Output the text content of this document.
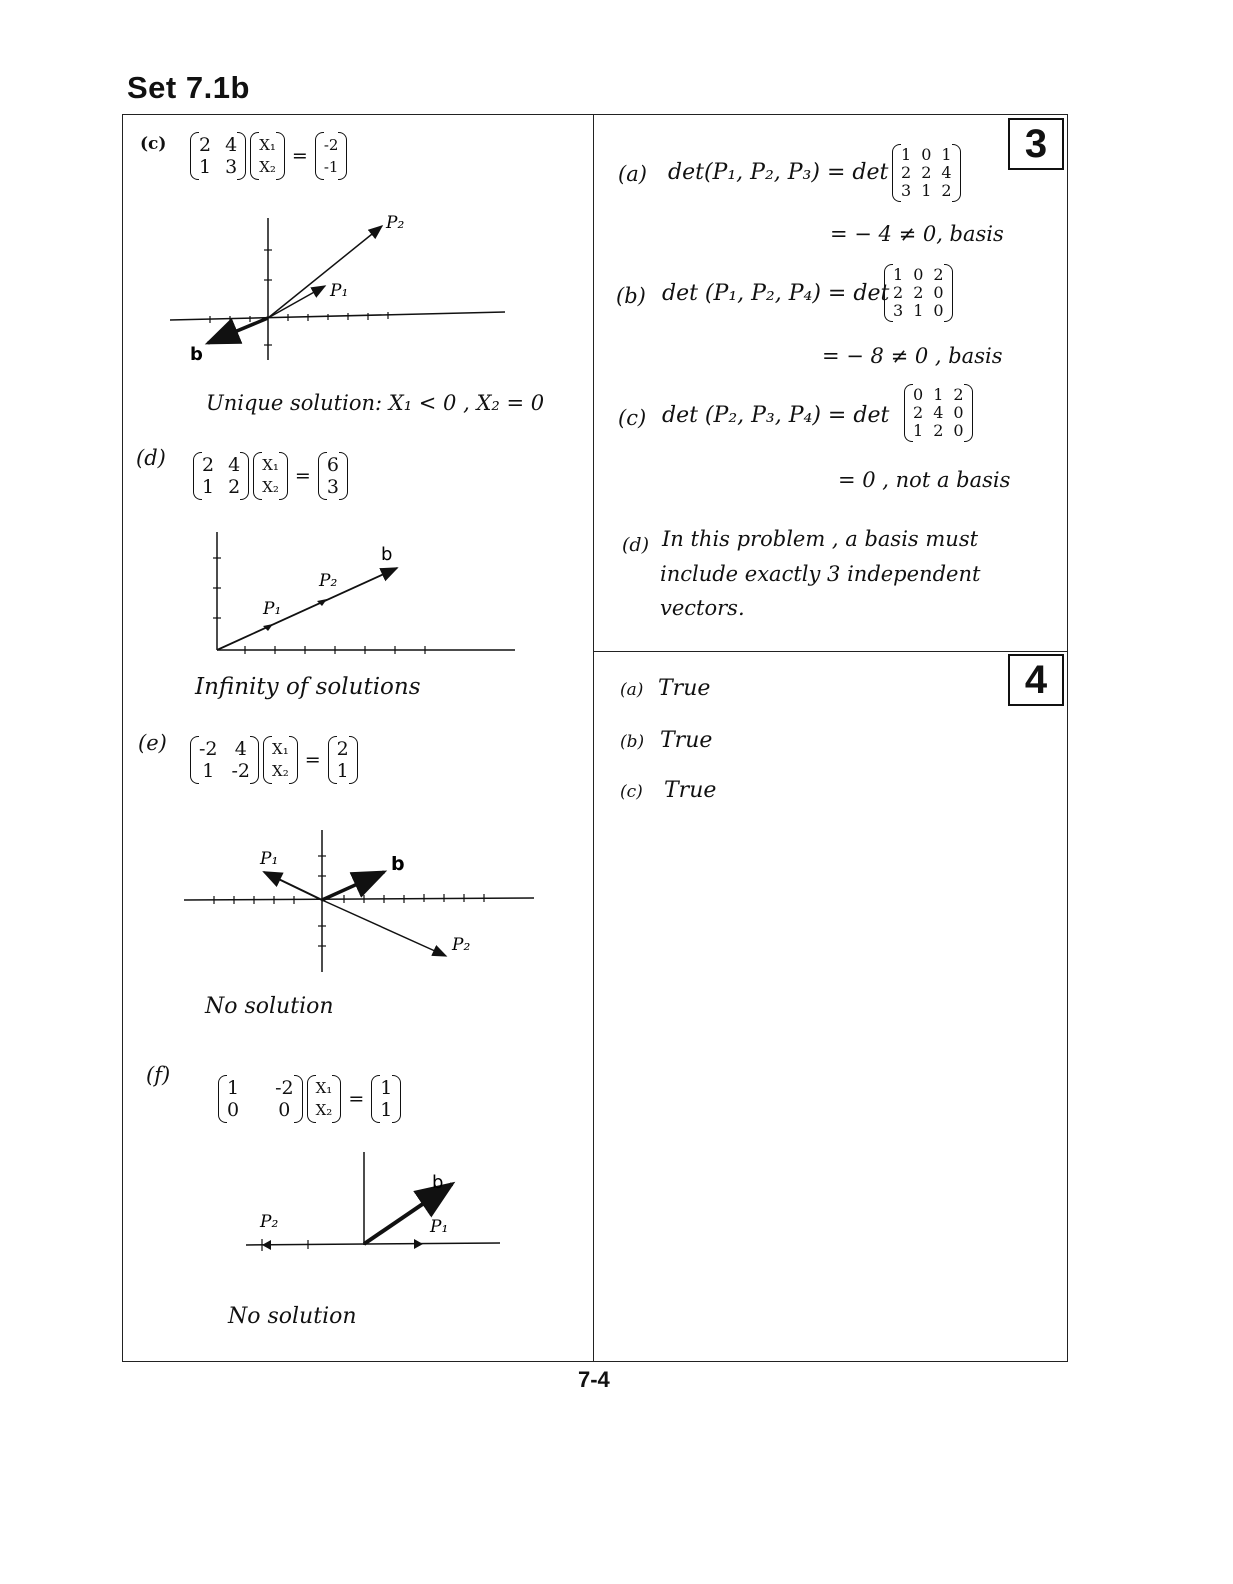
Set 7.1b
(c) 2 4
1 3
X₁
X₂ = -2
-1
P₂
P₁
b
Unique solution: X₁ < 0 , X₂ = 0
(d) 2 4
1 2
X₁
X₂ = 6
3
P₁
P₂
b
Infinity of solutions
(e) -2 4
1 -2
X₁
X₂ = 2
1
P₁
P₂
b
No solution
(f)
1 -2
0 0
X₁
X₂ = 1
1
P₂	P₁
b
No solution
3
(a) det(P₁, P₂, P₃) = det
1 0 1
2 2 4
3 1 2
= − 4 ≠ 0, basis
(b) det (P₁, P₂, P₄) = det
1 0 2
2 2 0
3 1 0
= − 8 ≠ 0 , basis
(c) det (P₂, P₃, P₄) = det
0 1 2
2 4 0
1 2 0
= 0 , not a basis
(d) In this problem , a basis must
include exactly 3 independent
vectors.
4
(a) True
(b) True
(c) True
7-4
